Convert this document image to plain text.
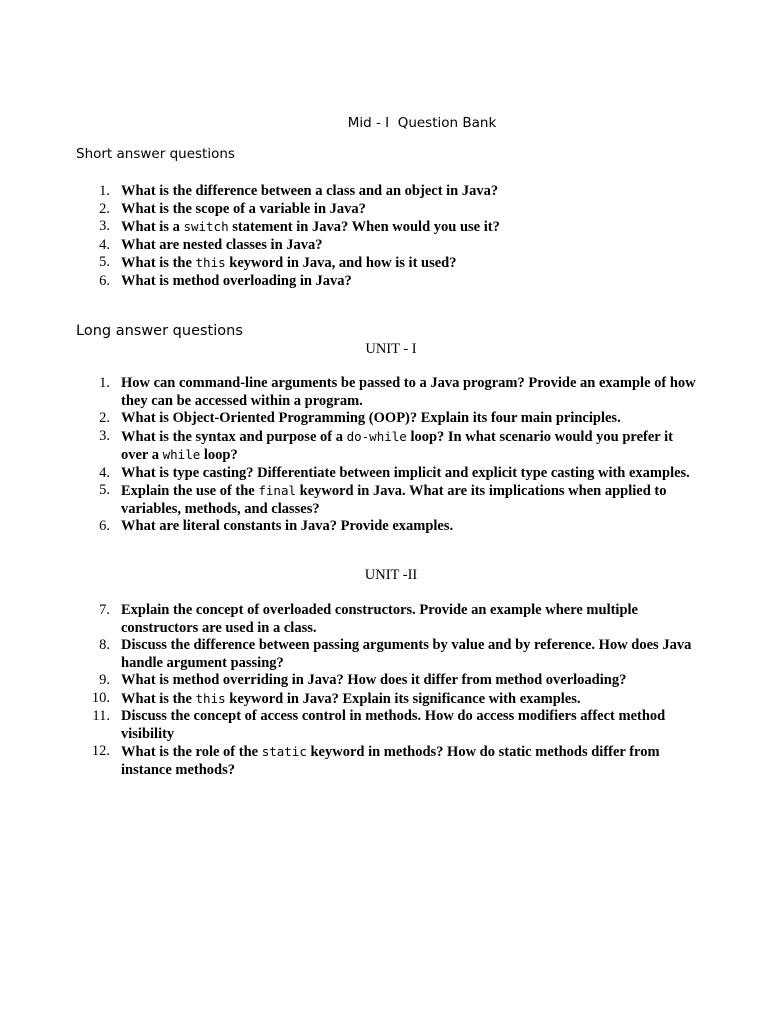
Mid - I  Question Bank
Short answer questions
1. What is the difference between a class and an object in Java?
2. What is the scope of a variable in Java?
3. What is a switch statement in Java? When would you use it?
4. What are nested classes in Java?
5. What is the this keyword in Java, and how is it used?
6. What is method overloading in Java?
Long answer questions
UNIT - I
1. How can command-line arguments be passed to a Java program? Provide an example of how they can be accessed within a program.
2. What is Object-Oriented Programming (OOP)? Explain its four main principles.
3. What is the syntax and purpose of a do-while loop? In what scenario would you prefer it over a while loop?
4. What is type casting? Differentiate between implicit and explicit type casting with examples.
5. Explain the use of the final keyword in Java. What are its implications when applied to variables, methods, and classes?
6. What are literal constants in Java? Provide examples.
UNIT -II
7. Explain the concept of overloaded constructors. Provide an example where multiple constructors are used in a class.
8. Discuss the difference between passing arguments by value and by reference. How does Java handle argument passing?
9. What is method overriding in Java? How does it differ from method overloading?
10. What is the this keyword in Java? Explain its significance with examples.
11. Discuss the concept of access control in methods. How do access modifiers affect method visibility
12. What is the role of the static keyword in methods? How do static methods differ from instance methods?
